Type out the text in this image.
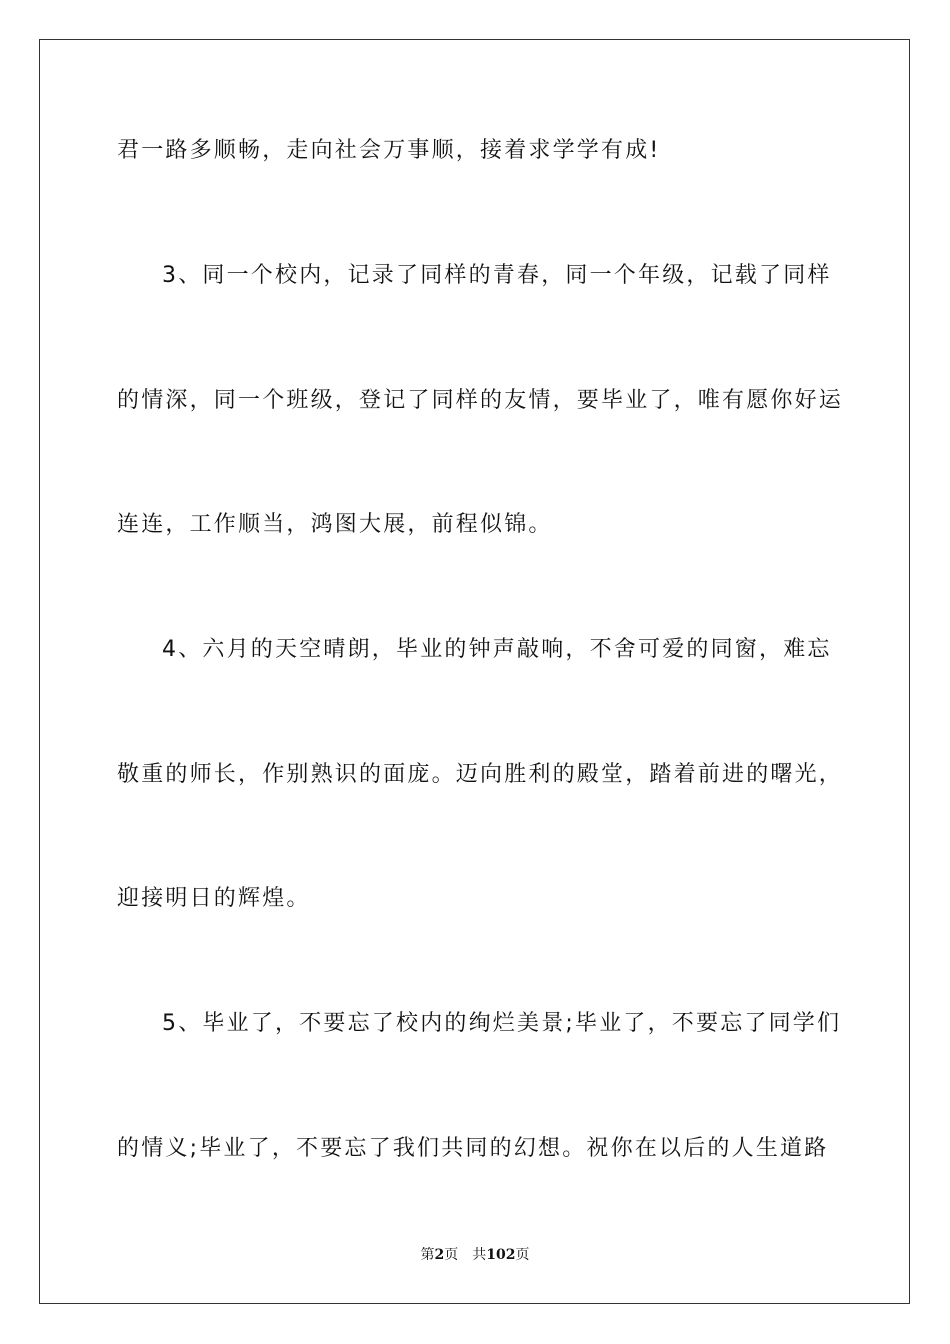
君一路多顺畅，走向社会万事顺，接着求学学有成!
3、同一个校内，记录了同样的青春，同一个年级，记载了同样
的情深，同一个班级，登记了同样的友情，要毕业了，唯有愿你好运
连连，工作顺当，鸿图大展，前程似锦。
4、六月的天空晴朗，毕业的钟声敲响，不舍可爱的同窗，难忘
敬重的师长，作别熟识的面庞。迈向胜利的殿堂，踏着前进的曙光，
迎接明日的辉煌。
5、毕业了，不要忘了校内的绚烂美景;毕业了，不要忘了同学们
的情义;毕业了，不要忘了我们共同的幻想。祝你在以后的人生道路
第2页 共102页
